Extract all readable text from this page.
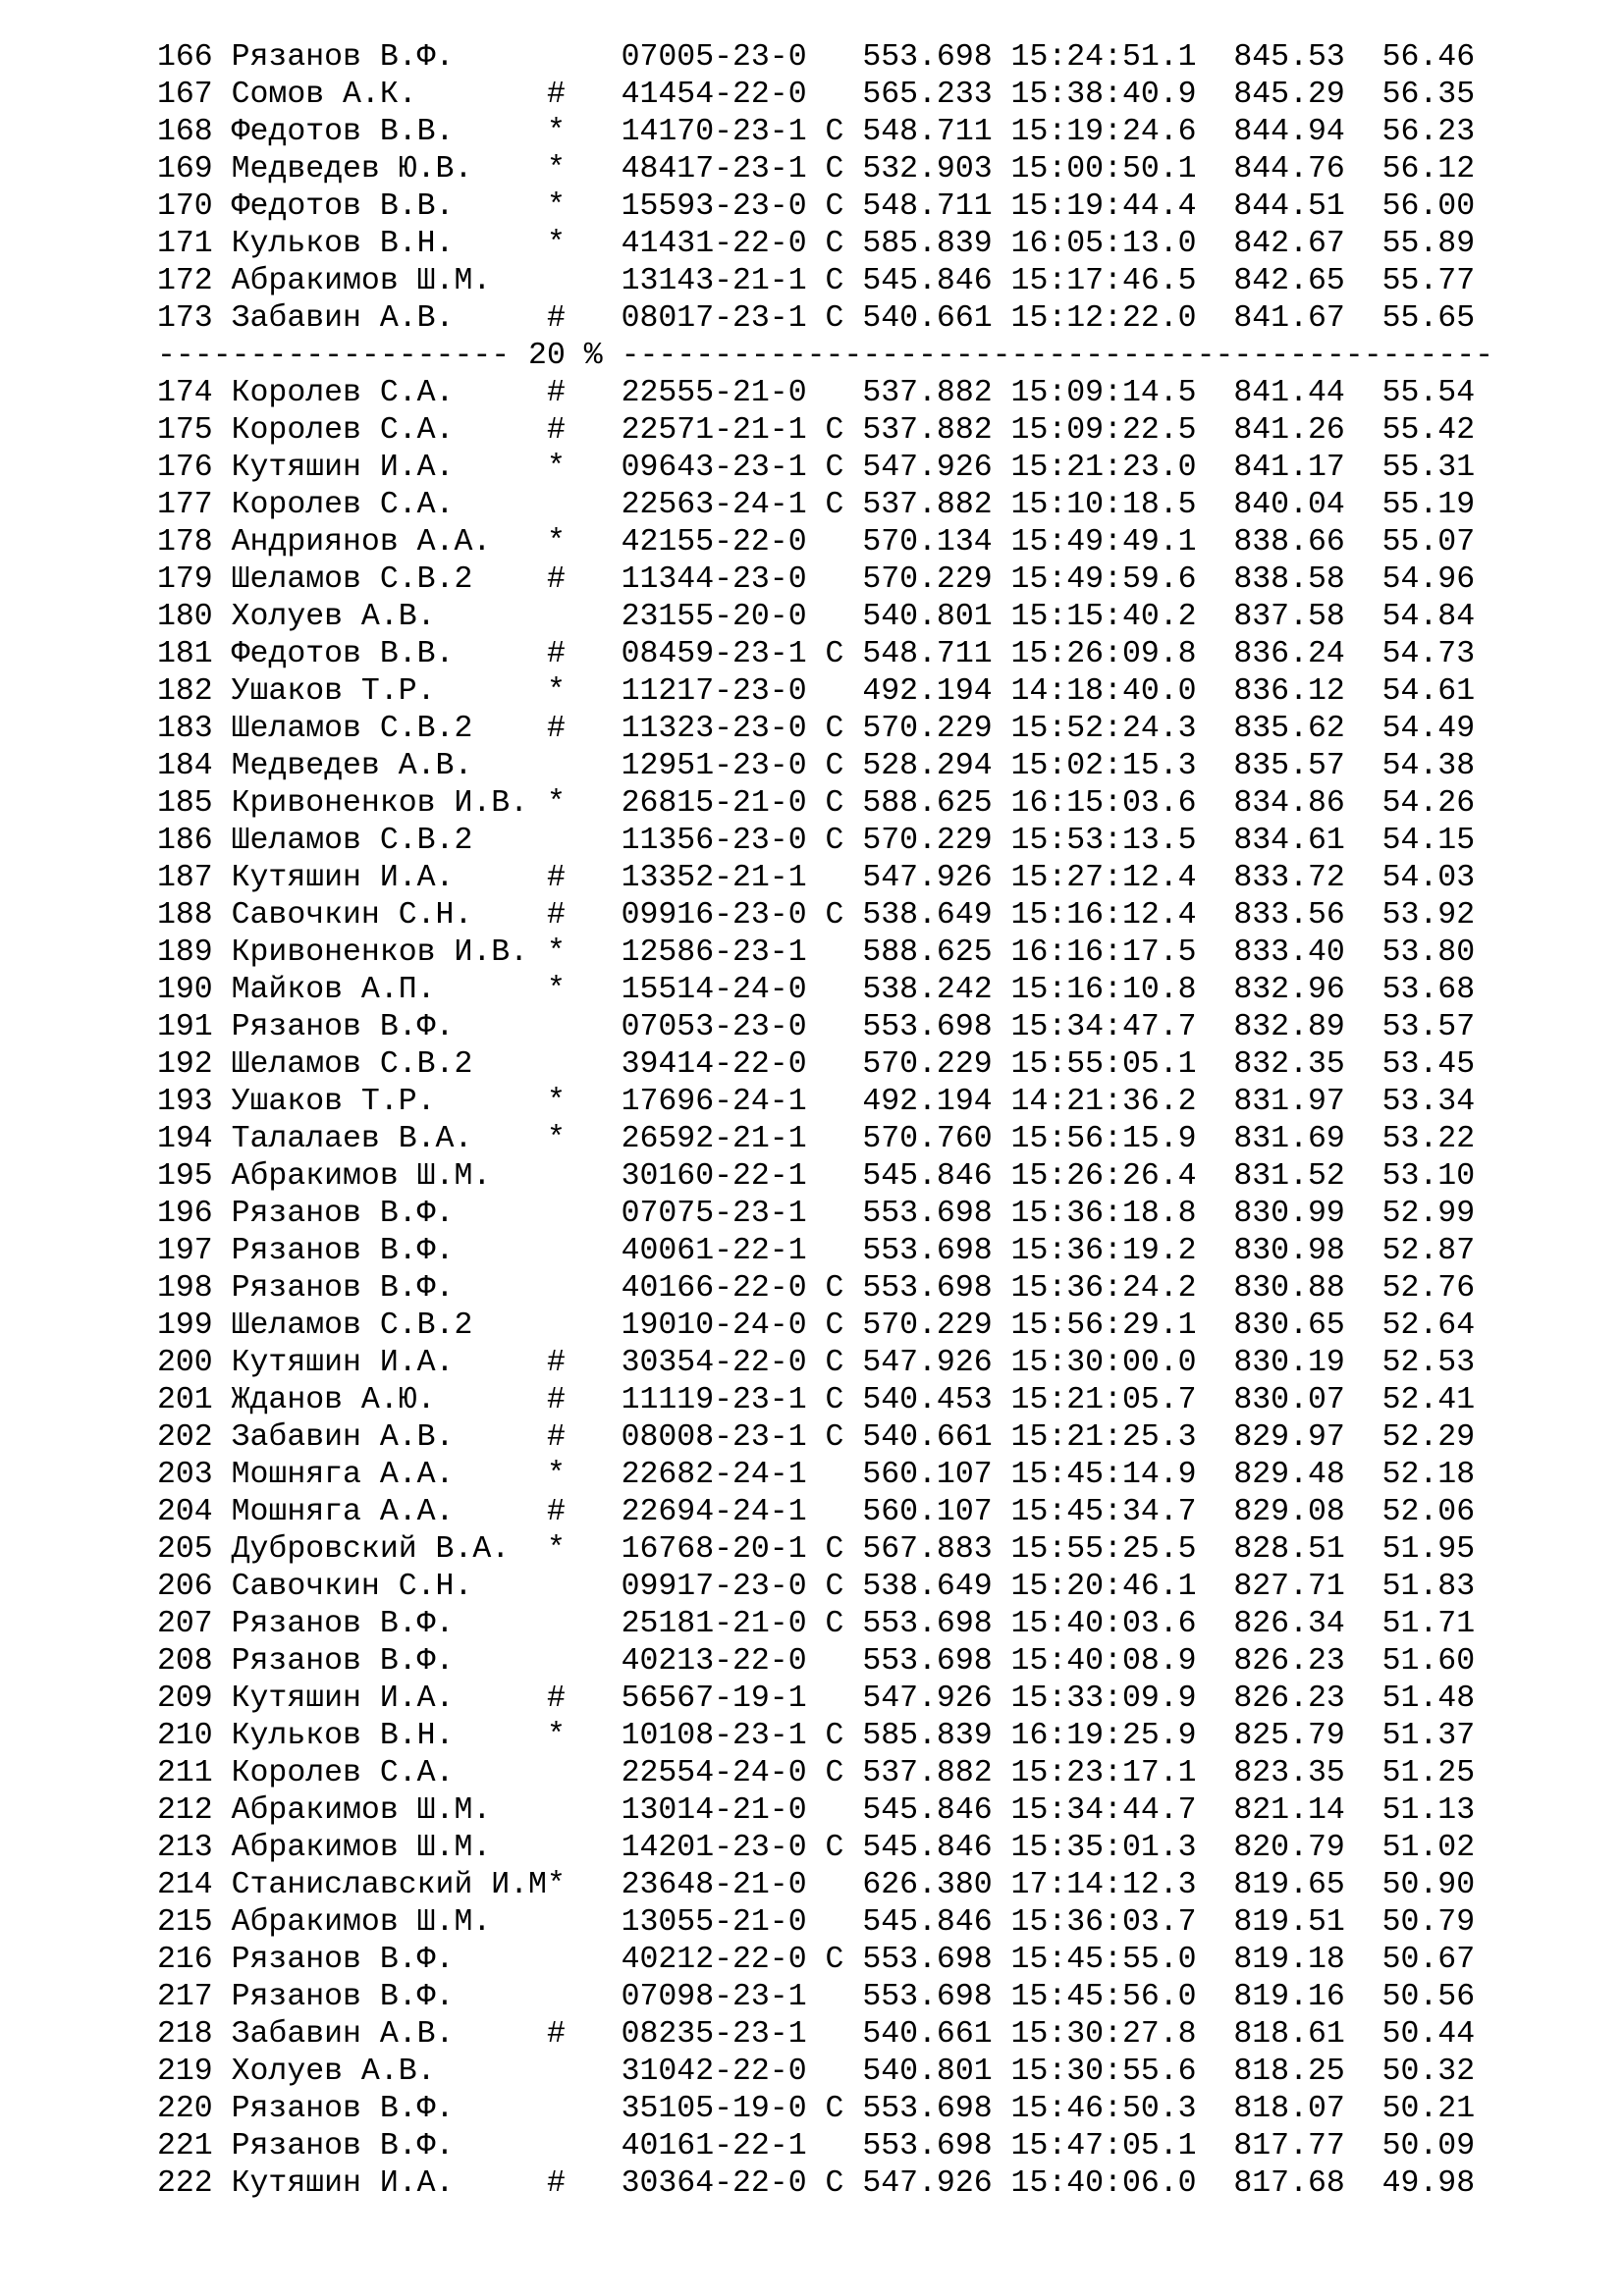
166 Рязанов В.Ф.         07005-23-0   553.698 15:24:51.1  845.53  56.46
167 Сомов А.К.       #   41454-22-0   565.233 15:38:40.9  845.29  56.35
168 Федотов В.В.     *   14170-23-1 C 548.711 15:19:24.6  844.94  56.23
169 Медведев Ю.В.    *   48417-23-1 C 532.903 15:00:50.1  844.76  56.12
170 Федотов В.В.     *   15593-23-0 C 548.711 15:19:44.4  844.51  56.00
171 Кульков В.Н.     *   41431-22-0 C 585.839 16:05:13.0  842.67  55.89
172 Абракимов Ш.М.       13143-21-1 C 545.846 15:17:46.5  842.65  55.77
173 Забавин А.В.     #   08017-23-1 C 540.661 15:12:22.0  841.67  55.65
------------------- 20 % -----------------------------------------------
174 Королев С.А.     #   22555-21-0   537.882 15:09:14.5  841.44  55.54
175 Королев С.А.     #   22571-21-1 C 537.882 15:09:22.5  841.26  55.42
176 Кутяшин И.А.     *   09643-23-1 C 547.926 15:21:23.0  841.17  55.31
177 Королев С.А.         22563-24-1 C 537.882 15:10:18.5  840.04  55.19
178 Андриянов А.А.   *   42155-22-0   570.134 15:49:49.1  838.66  55.07
179 Шеламов С.В.2    #   11344-23-0   570.229 15:49:59.6  838.58  54.96
180 Холуев А.В.          23155-20-0   540.801 15:15:40.2  837.58  54.84
181 Федотов В.В.     #   08459-23-1 C 548.711 15:26:09.8  836.24  54.73
182 Ушаков Т.Р.      *   11217-23-0   492.194 14:18:40.0  836.12  54.61
183 Шеламов С.В.2    #   11323-23-0 C 570.229 15:52:24.3  835.62  54.49
184 Медведев А.В.        12951-23-0 C 528.294 15:02:15.3  835.57  54.38
185 Кривоненков И.В. *   26815-21-0 C 588.625 16:15:03.6  834.86  54.26
186 Шеламов С.В.2        11356-23-0 C 570.229 15:53:13.5  834.61  54.15
187 Кутяшин И.А.     #   13352-21-1   547.926 15:27:12.4  833.72  54.03
188 Савочкин С.Н.    #   09916-23-0 C 538.649 15:16:12.4  833.56  53.92
189 Кривоненков И.В. *   12586-23-1   588.625 16:16:17.5  833.40  53.80
190 Майков А.П.      *   15514-24-0   538.242 15:16:10.8  832.96  53.68
191 Рязанов В.Ф.         07053-23-0   553.698 15:34:47.7  832.89  53.57
192 Шеламов С.В.2        39414-22-0   570.229 15:55:05.1  832.35  53.45
193 Ушаков Т.Р.      *   17696-24-1   492.194 14:21:36.2  831.97  53.34
194 Талалаев В.А.    *   26592-21-1   570.760 15:56:15.9  831.69  53.22
195 Абракимов Ш.М.       30160-22-1   545.846 15:26:26.4  831.52  53.10
196 Рязанов В.Ф.         07075-23-1   553.698 15:36:18.8  830.99  52.99
197 Рязанов В.Ф.         40061-22-1   553.698 15:36:19.2  830.98  52.87
198 Рязанов В.Ф.         40166-22-0 C 553.698 15:36:24.2  830.88  52.76
199 Шеламов С.В.2        19010-24-0 C 570.229 15:56:29.1  830.65  52.64
200 Кутяшин И.А.     #   30354-22-0 C 547.926 15:30:00.0  830.19  52.53
201 Жданов А.Ю.      #   11119-23-1 C 540.453 15:21:05.7  830.07  52.41
202 Забавин А.В.     #   08008-23-1 C 540.661 15:21:25.3  829.97  52.29
203 Мошняга А.А.     *   22682-24-1   560.107 15:45:14.9  829.48  52.18
204 Мошняга А.А.     #   22694-24-1   560.107 15:45:34.7  829.08  52.06
205 Дубровский В.А.  *   16768-20-1 C 567.883 15:55:25.5  828.51  51.95
206 Савочкин С.Н.        09917-23-0 C 538.649 15:20:46.1  827.71  51.83
207 Рязанов В.Ф.         25181-21-0 C 553.698 15:40:03.6  826.34  51.71
208 Рязанов В.Ф.         40213-22-0   553.698 15:40:08.9  826.23  51.60
209 Кутяшин И.А.     #   56567-19-1   547.926 15:33:09.9  826.23  51.48
210 Кульков В.Н.     *   10108-23-1 C 585.839 16:19:25.9  825.79  51.37
211 Королев С.А.         22554-24-0 C 537.882 15:23:17.1  823.35  51.25
212 Абракимов Ш.М.       13014-21-0   545.846 15:34:44.7  821.14  51.13
213 Абракимов Ш.М.       14201-23-0 C 545.846 15:35:01.3  820.79  51.02
214 Станиславский И.М*   23648-21-0   626.380 17:14:12.3  819.65  50.90
215 Абракимов Ш.М.       13055-21-0   545.846 15:36:03.7  819.51  50.79
216 Рязанов В.Ф.         40212-22-0 C 553.698 15:45:55.0  819.18  50.67
217 Рязанов В.Ф.         07098-23-1   553.698 15:45:56.0  819.16  50.56
218 Забавин А.В.     #   08235-23-1   540.661 15:30:27.8  818.61  50.44
219 Холуев А.В.          31042-22-0   540.801 15:30:55.6  818.25  50.32
220 Рязанов В.Ф.         35105-19-0 C 553.698 15:46:50.3  818.07  50.21
221 Рязанов В.Ф.         40161-22-1   553.698 15:47:05.1  817.77  50.09
222 Кутяшин И.А.     #   30364-22-0 C 547.926 15:40:06.0  817.68  49.98
